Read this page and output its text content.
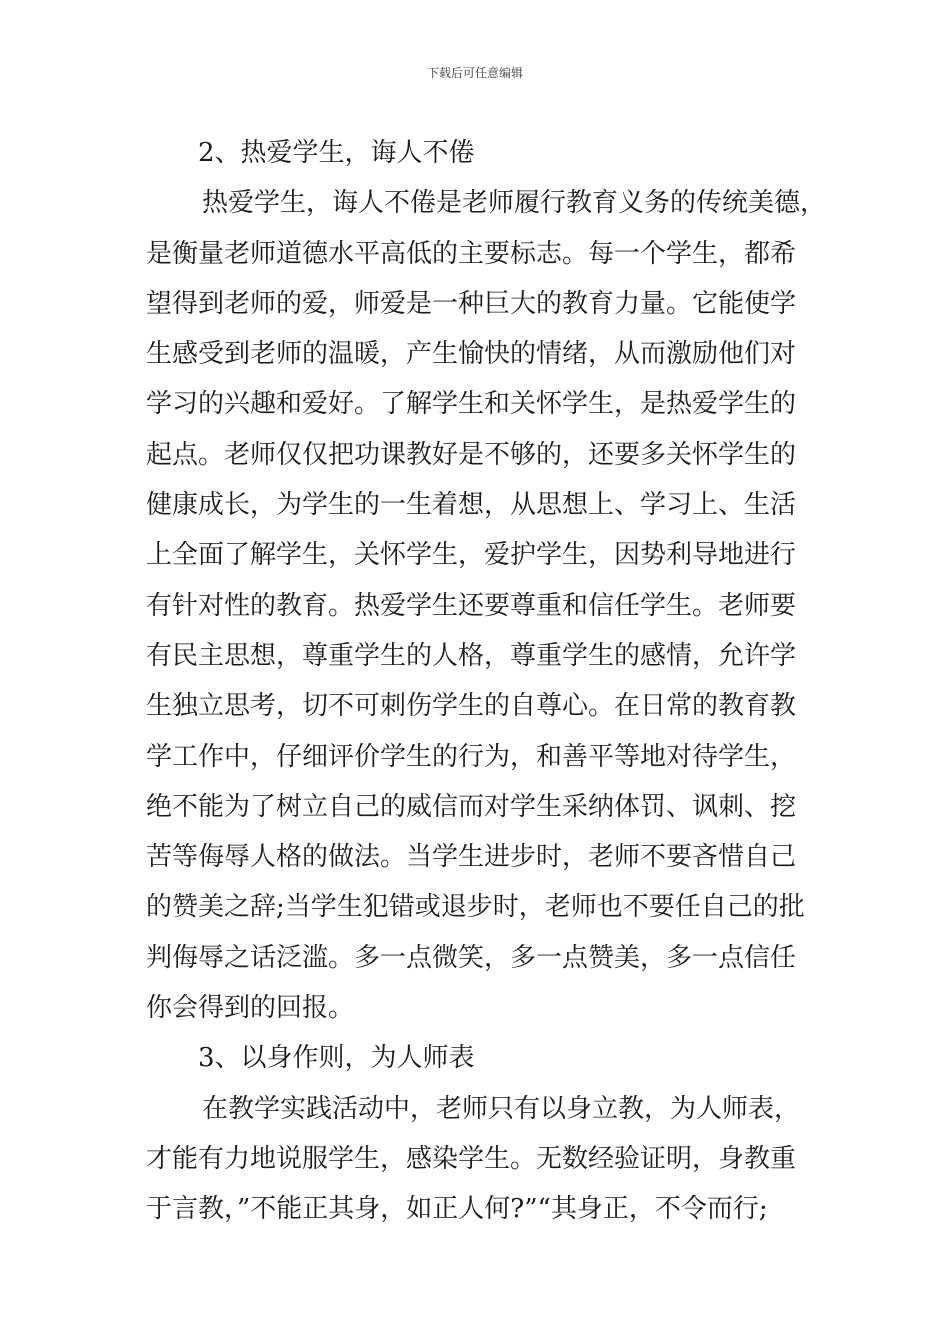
下载后可任意编辑
2、热爱学生，诲人不倦
热爱学生，诲人不倦是老师履行教育义务的传统美德，
是衡量老师道德水平高低的主要标志。每一个学生，都希
望得到老师的爱，师爱是一种巨大的教育力量。它能使学
生感受到老师的温暖，产生愉快的情绪，从而激励他们对
学习的兴趣和爱好。了解学生和关怀学生，是热爱学生的
起点。老师仅仅把功课教好是不够的，还要多关怀学生的
健康成长，为学生的一生着想，从思想上、学习上、生活
上全面了解学生，关怀学生，爱护学生，因势利导地进行
有针对性的教育。热爱学生还要尊重和信任学生。老师要
有民主思想，尊重学生的人格，尊重学生的感情，允许学
生独立思考，切不可刺伤学生的自尊心。在日常的教育教
学工作中，仔细评价学生的行为，和善平等地对待学生，
绝不能为了树立自己的威信而对学生采纳体罚、讽刺、挖
苦等侮辱人格的做法。当学生进步时，老师不要吝惜自己
的赞美之辞;当学生犯错或退步时，老师也不要任自己的批
判侮辱之话泛滥。多一点微笑，多一点赞美，多一点信任
你会得到的回报。
3、以身作则，为人师表
在教学实践活动中，老师只有以身立教，为人师表，
才能有力地说服学生，感染学生。无数经验证明，身教重
于言教，”不能正其身，如正人何?”“其身正，不令而行;
